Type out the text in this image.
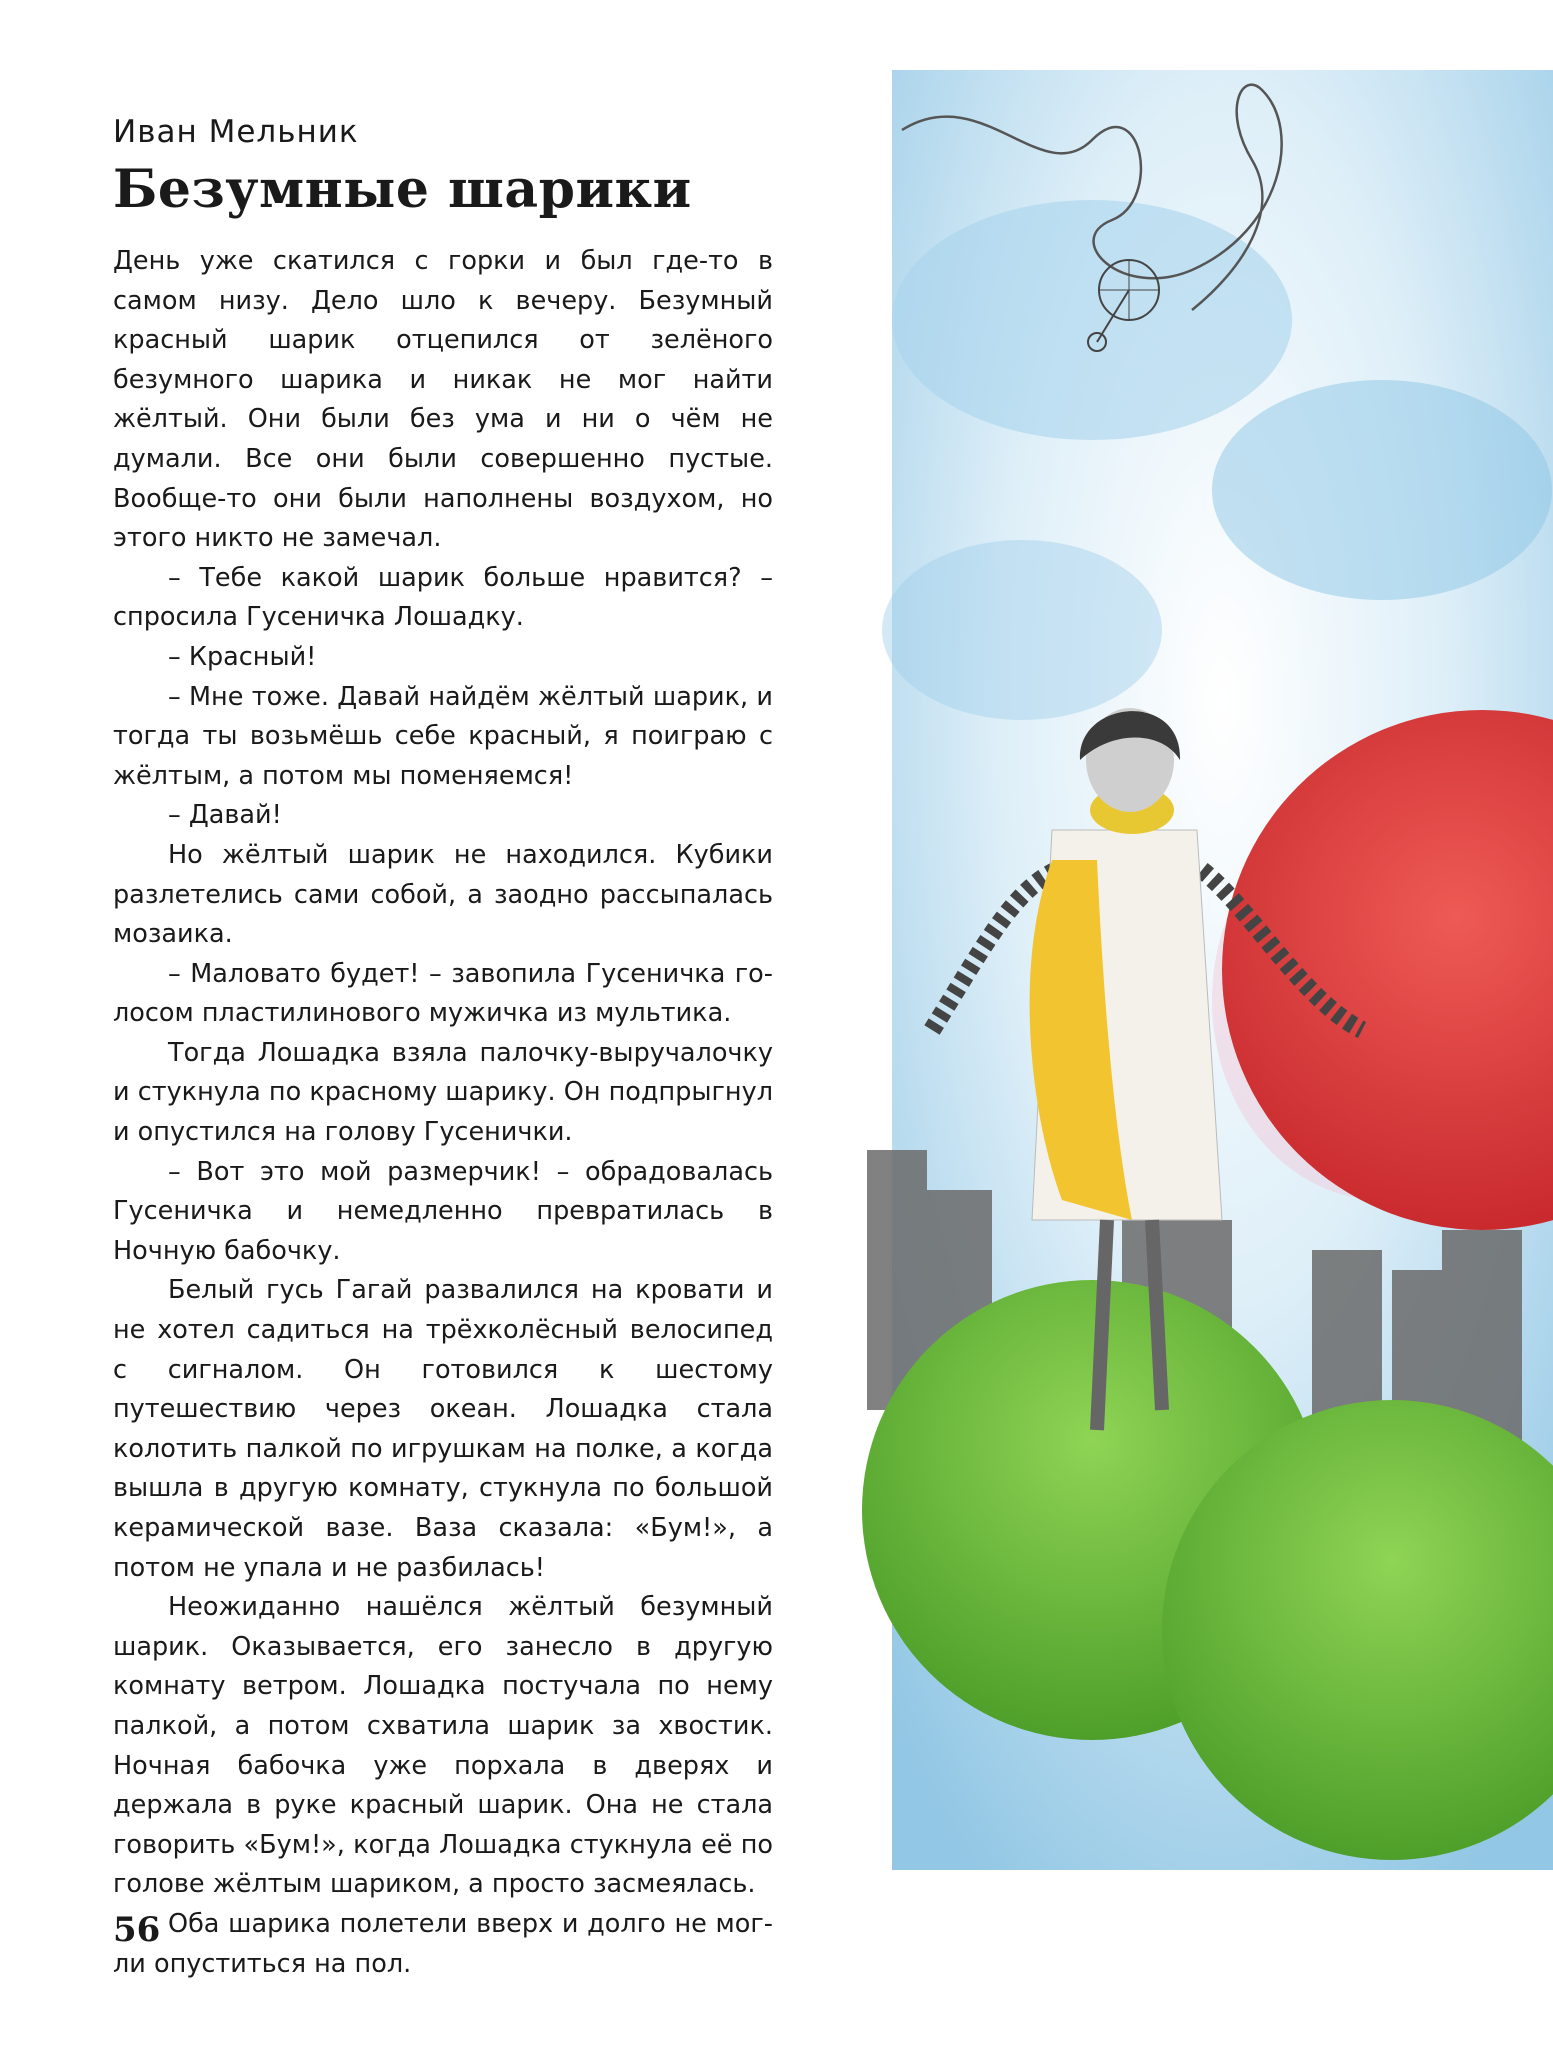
Иван Мельник
Безумные шарики

День уже скатился с горки и был где-то в самом низу. Дело шло к вечеру. Безумный красный шарик отцепился от зелёного безумного шарика и никак не мог найти жёлтый. Они были без ума и ни о чём не думали. Все они были совершенно пустые. Вообще-то они были наполнены воздухом, но этого никто не замечал.

– Тебе какой шарик больше нравится? – спросила Гусеничка Лошадку.

– Красный!

– Мне тоже. Давай найдём жёлтый шарик, и тогда ты возьмёшь себе красный, я поиграю с жёлтым, а потом мы поменяемся!

– Давай!

Но жёлтый шарик не находился. Кубики разлетелись сами собой, а заодно рассыпалась мозаика.

– Маловато будет! – завопила Гусеничка голосом пластилинового мужичка из мультика.

Тогда Лошадка взяла палочку-выручалочку и стукнула по красному шарику. Он подпрыгнул и опустился на голову Гусенички.

– Вот это мой размерчик! – обрадовалась Гусеничка и немедленно превратилась в Ночную бабочку.

Белый гусь Гагай развалился на кровати и не хотел садиться на трёхколёсный велосипед с сигналом. Он готовился к шестому путешествию через океан. Лошадка стала колотить палкой по игрушкам на полке, а когда вышла в другую комнату, стукнула по большой керамической вазе. Ваза сказала: «Бум!», а потом не упала и не разбилась!

Неожиданно нашёлся жёлтый безумный шарик. Оказывается, его занесло в другую комнату ветром. Лошадка постучала по нему палкой, а потом схватила шарик за хвостик. Ночная бабочка уже порхала в дверях и держала в руке красный шарик. Она не стала говорить «Бум!», когда Лошадка стукнула её по голове жёлтым шариком, а просто засмеялась.

Оба шарика полетели вверх и долго не могли опуститься на пол.

56
